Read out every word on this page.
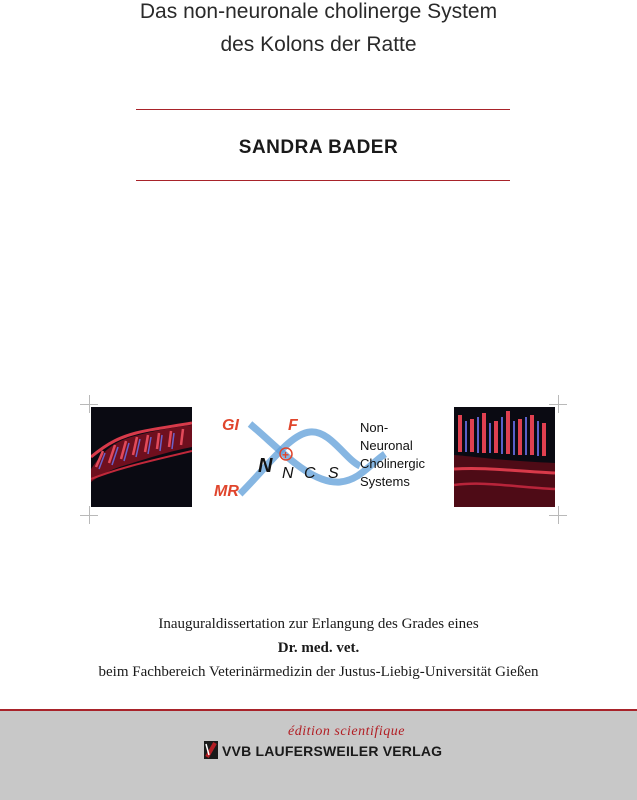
Das non-neuronale cholinerge System
des Kolons der Ratte
SANDRA BADER
GI	F
MR
N +
N C S
Non-
Neuronal
Cholinergic
Systems
Inauguraldissertation zur Erlangung des Grades eines
Dr. med. vet.
beim Fachbereich Veterinärmedizin der Justus-Liebig-Universität Gießen
édition scientifique
VVB LAUFERSWEILER VERLAG
